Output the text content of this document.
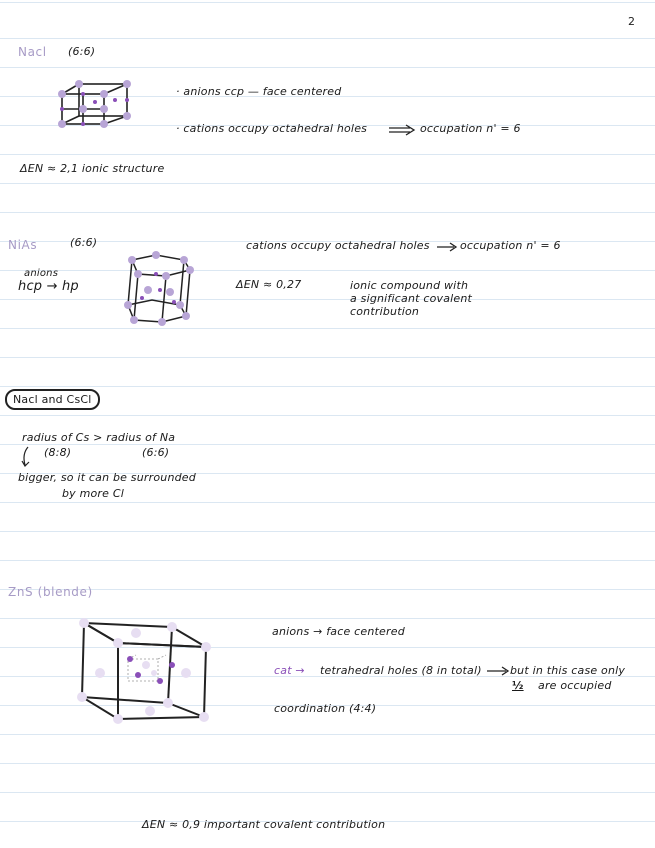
2
Nacl (6:6)
· anions ccp — face centered
· cations occupy octahedral holes	occupation n' = 6
ΔEN ≈ 2,1 ionic structure
NiAs	(6:6)	cations occupy octahedral holes	occupation n' = 6
anions
hcp → hp	ΔEN ≈ 0,27	ionic compound with
a significant covalent
contribution
Nacl and CsCl
radius of Cs > radius of Na
(8:8)	(6:6)
bigger, so it can be surrounded
by more Cl
ZnS (blende)
anions → face centered
cat → tetrahedral holes (8 in total)	but in this case only
½ are occupied
coordination (4:4)
ΔEN ≈ 0,9 important covalent contribution
